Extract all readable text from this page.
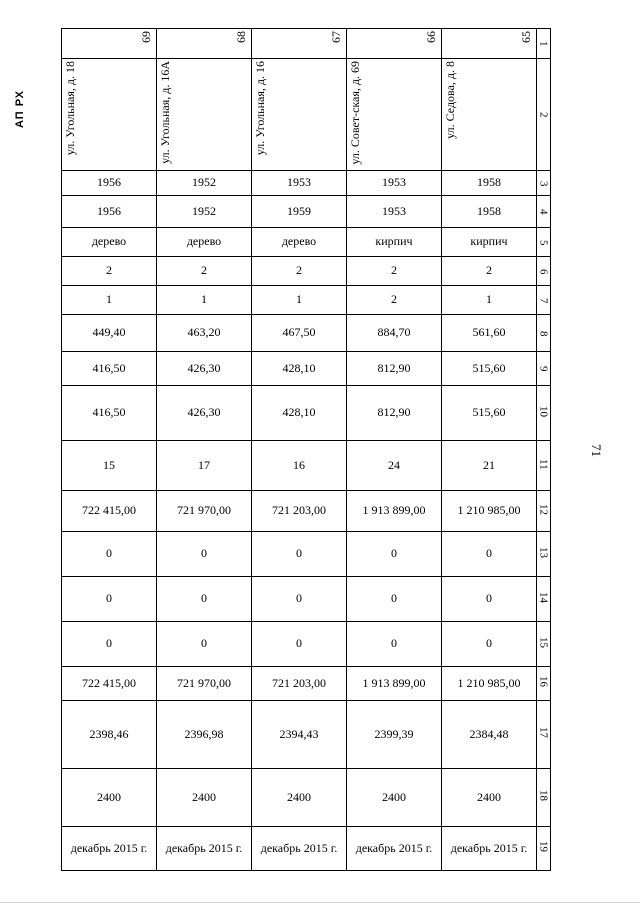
АП РХ
71
69	68	67	66	65	1
ул. Угольная, д. 18	ул. Угольная, д. 16А	ул. Угольная, д. 16	ул. Совет-ская, д. 69	ул. Седова, д. 8	2
1956	1952	1953	1953	1958	3
1956	1952	1959	1953	1958	4
дерево	дерево	дерево	кирпич	кирпич	5
2	2	2	2	2	6
1	1	1	2	1	7
449,40	463,20	467,50	884,70	561,60	8
416,50	426,30	428,10	812,90	515,60	9
416,50	426,30	428,10	812,90	515,60	10
15	17	16	24	21	11
722 415,00	721 970,00	721 203,00	1 913 899,00	1 210 985,00	12
0	0	0	0	0	13
0	0	0	0	0	14
0	0	0	0	0	15
722 415,00	721 970,00	721 203,00	1 913 899,00	1 210 985,00	16
2398,46	2396,98	2394,43	2399,39	2384,48	17
2400	2400	2400	2400	2400	18
декабрь 2015 г.	декабрь 2015 г.	декабрь 2015 г.	декабрь 2015 г.	декабрь 2015 г.	19
